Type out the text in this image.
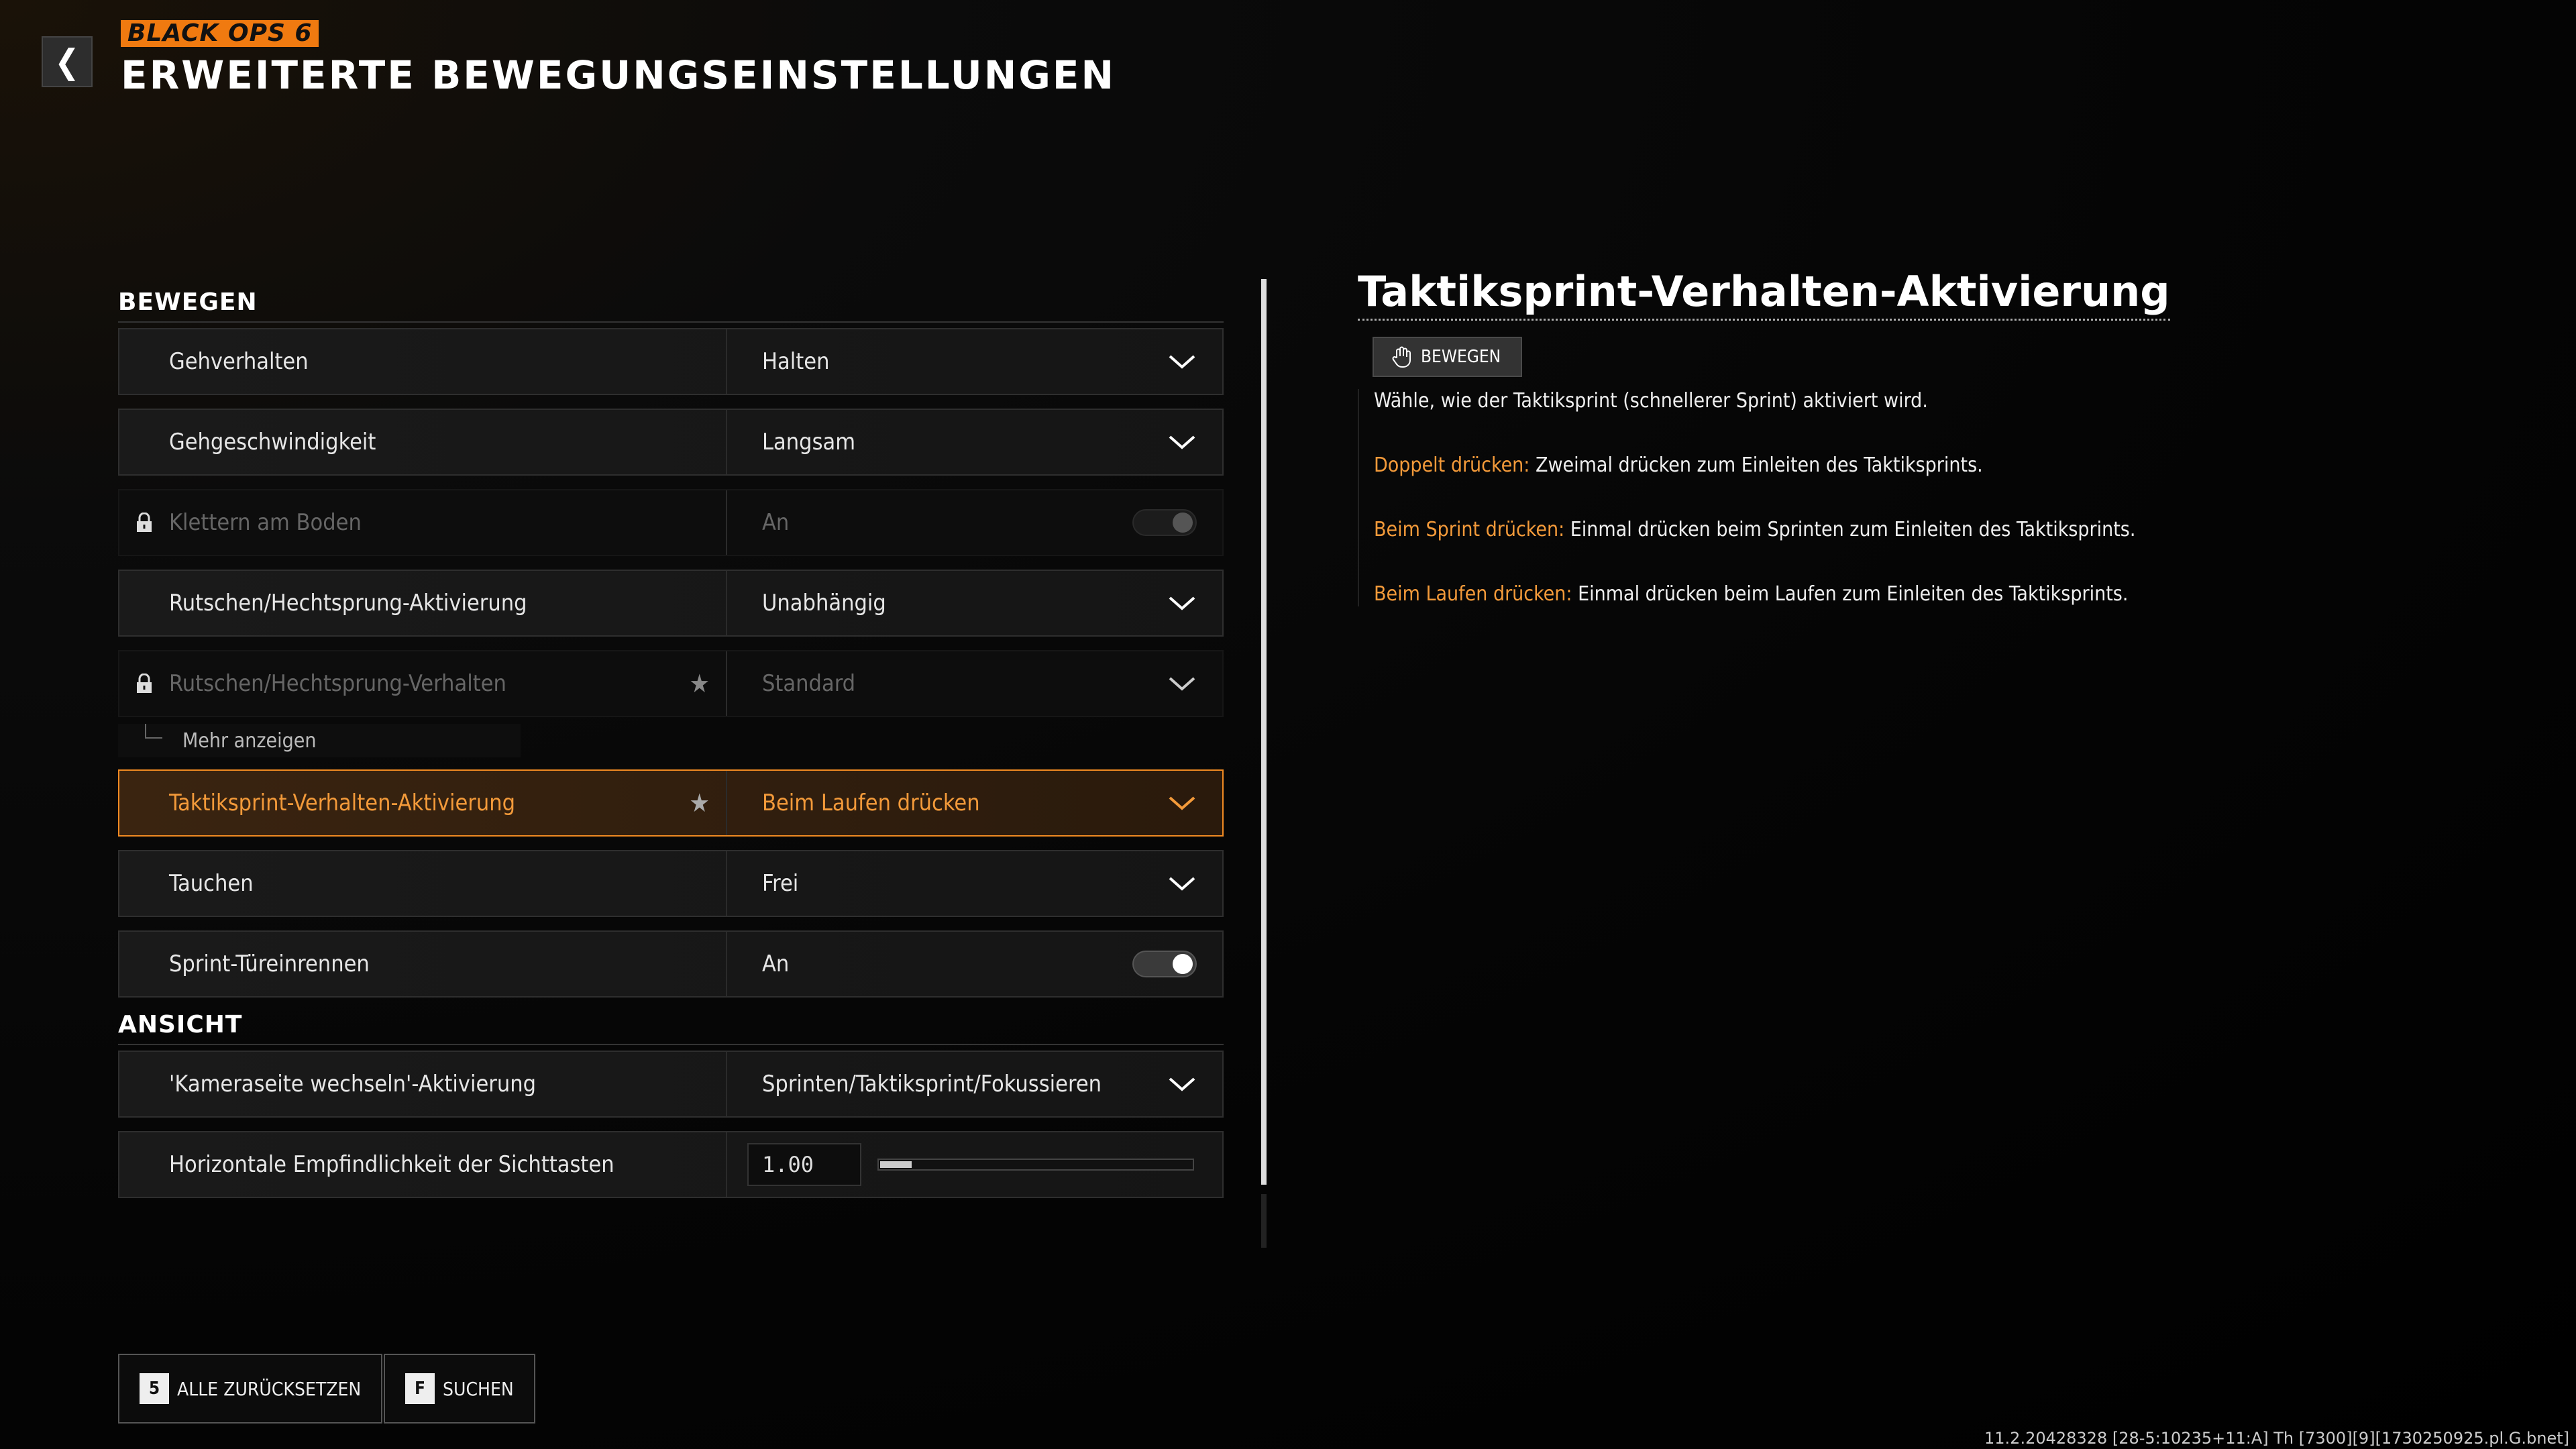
❮
BLACK OPS 6
ERWEITERTE BEWEGUNGSEINSTELLUNGEN
BEWEGEN
Gehverhalten	Halten
Gehgeschwindigkeit	Langsam
Klettern am Boden	An
Rutschen/Hechtsprung-Aktivierung	Unabhängig
Rutschen/Hechtsprung-Verhalten	★ Standard
Mehr anzeigen
Taktiksprint-Verhalten-Aktivierung	★ Beim Laufen drücken
Tauchen	Frei
Sprint-Türeinrennen	An
ANSICHT
'Kameraseite wechseln'-Aktivierung	Sprinten/Taktiksprint/Fokussieren
Horizontale Empfindlichkeit der Sichttasten	1.00
Taktiksprint-Verhalten-Aktivierung
BEWEGEN

Wähle, wie der Taktiksprint (schnellerer Sprint) aktiviert wird.

Doppelt drücken: Zweimal drücken zum Einleiten des Taktiksprints.

Beim Sprint drücken: Einmal drücken beim Sprinten zum Einleiten des Taktiksprints.

Beim Laufen drücken: Einmal drücken beim Laufen zum Einleiten des Taktiksprints.

5 ALLE ZURÜCKSETZEN	F SUCHEN
11.2.20428328 [28-5:10235+11:A] Th [7300][9][1730250925.pl.G.bnet]
